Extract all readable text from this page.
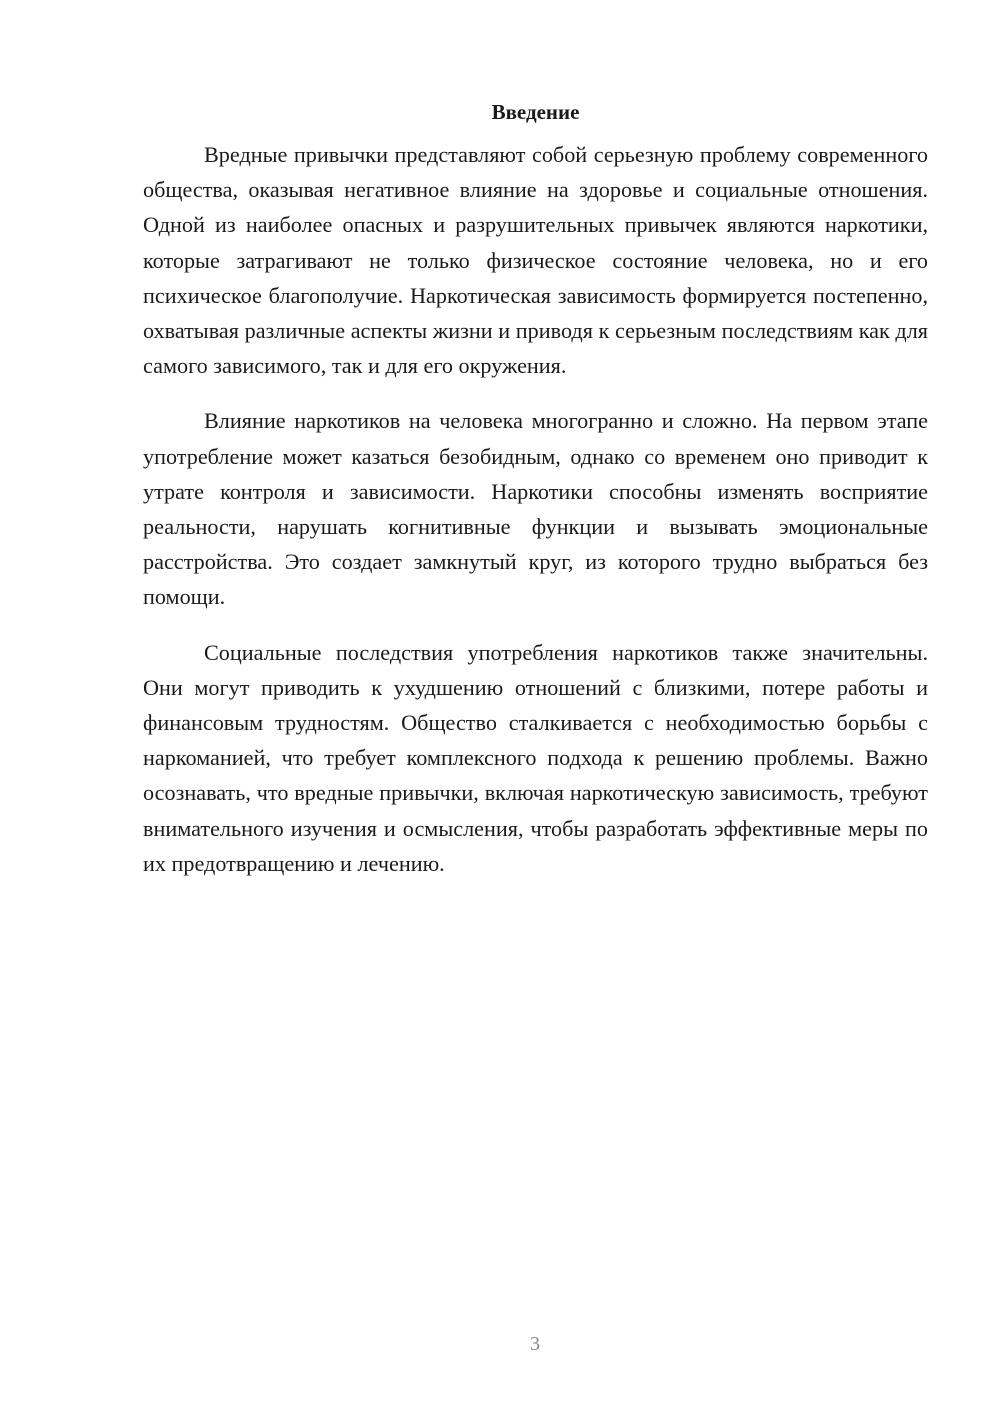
Введение

Вредные привычки представляют собой серьезную проблему современного общества, оказывая негативное влияние на здоровье и социальные отношения. Одной из наиболее опасных и разрушительных привычек являются наркотики, которые затрагивают не только физическое состояние человека, но и его психическое благополучие. Наркотическая зависимость формируется постепенно, охватывая различные аспекты жизни и приводя к серьезным последствиям как для самого зависимого, так и для его окружения.

Влияние наркотиков на человека многогранно и сложно. На первом этапе употребление может казаться безобидным, однако со временем оно приводит к утрате контроля и зависимости. Наркотики способны изменять восприятие реальности, нарушать когнитивные функции и вызывать эмоциональные расстройства. Это создает замкнутый круг, из которого трудно выбраться без помощи.

Социальные последствия употребления наркотиков также значительны. Они могут приводить к ухудшению отношений с близкими, потере работы и финансовым трудностям. Общество сталкивается с необходимостью борьбы с наркоманией, что требует комплексного подхода к решению проблемы. Важно осознавать, что вредные привычки, включая наркотическую зависимость, требуют внимательного изучения и осмысления, чтобы разработать эффективные меры по их предотвращению и лечению.

3
